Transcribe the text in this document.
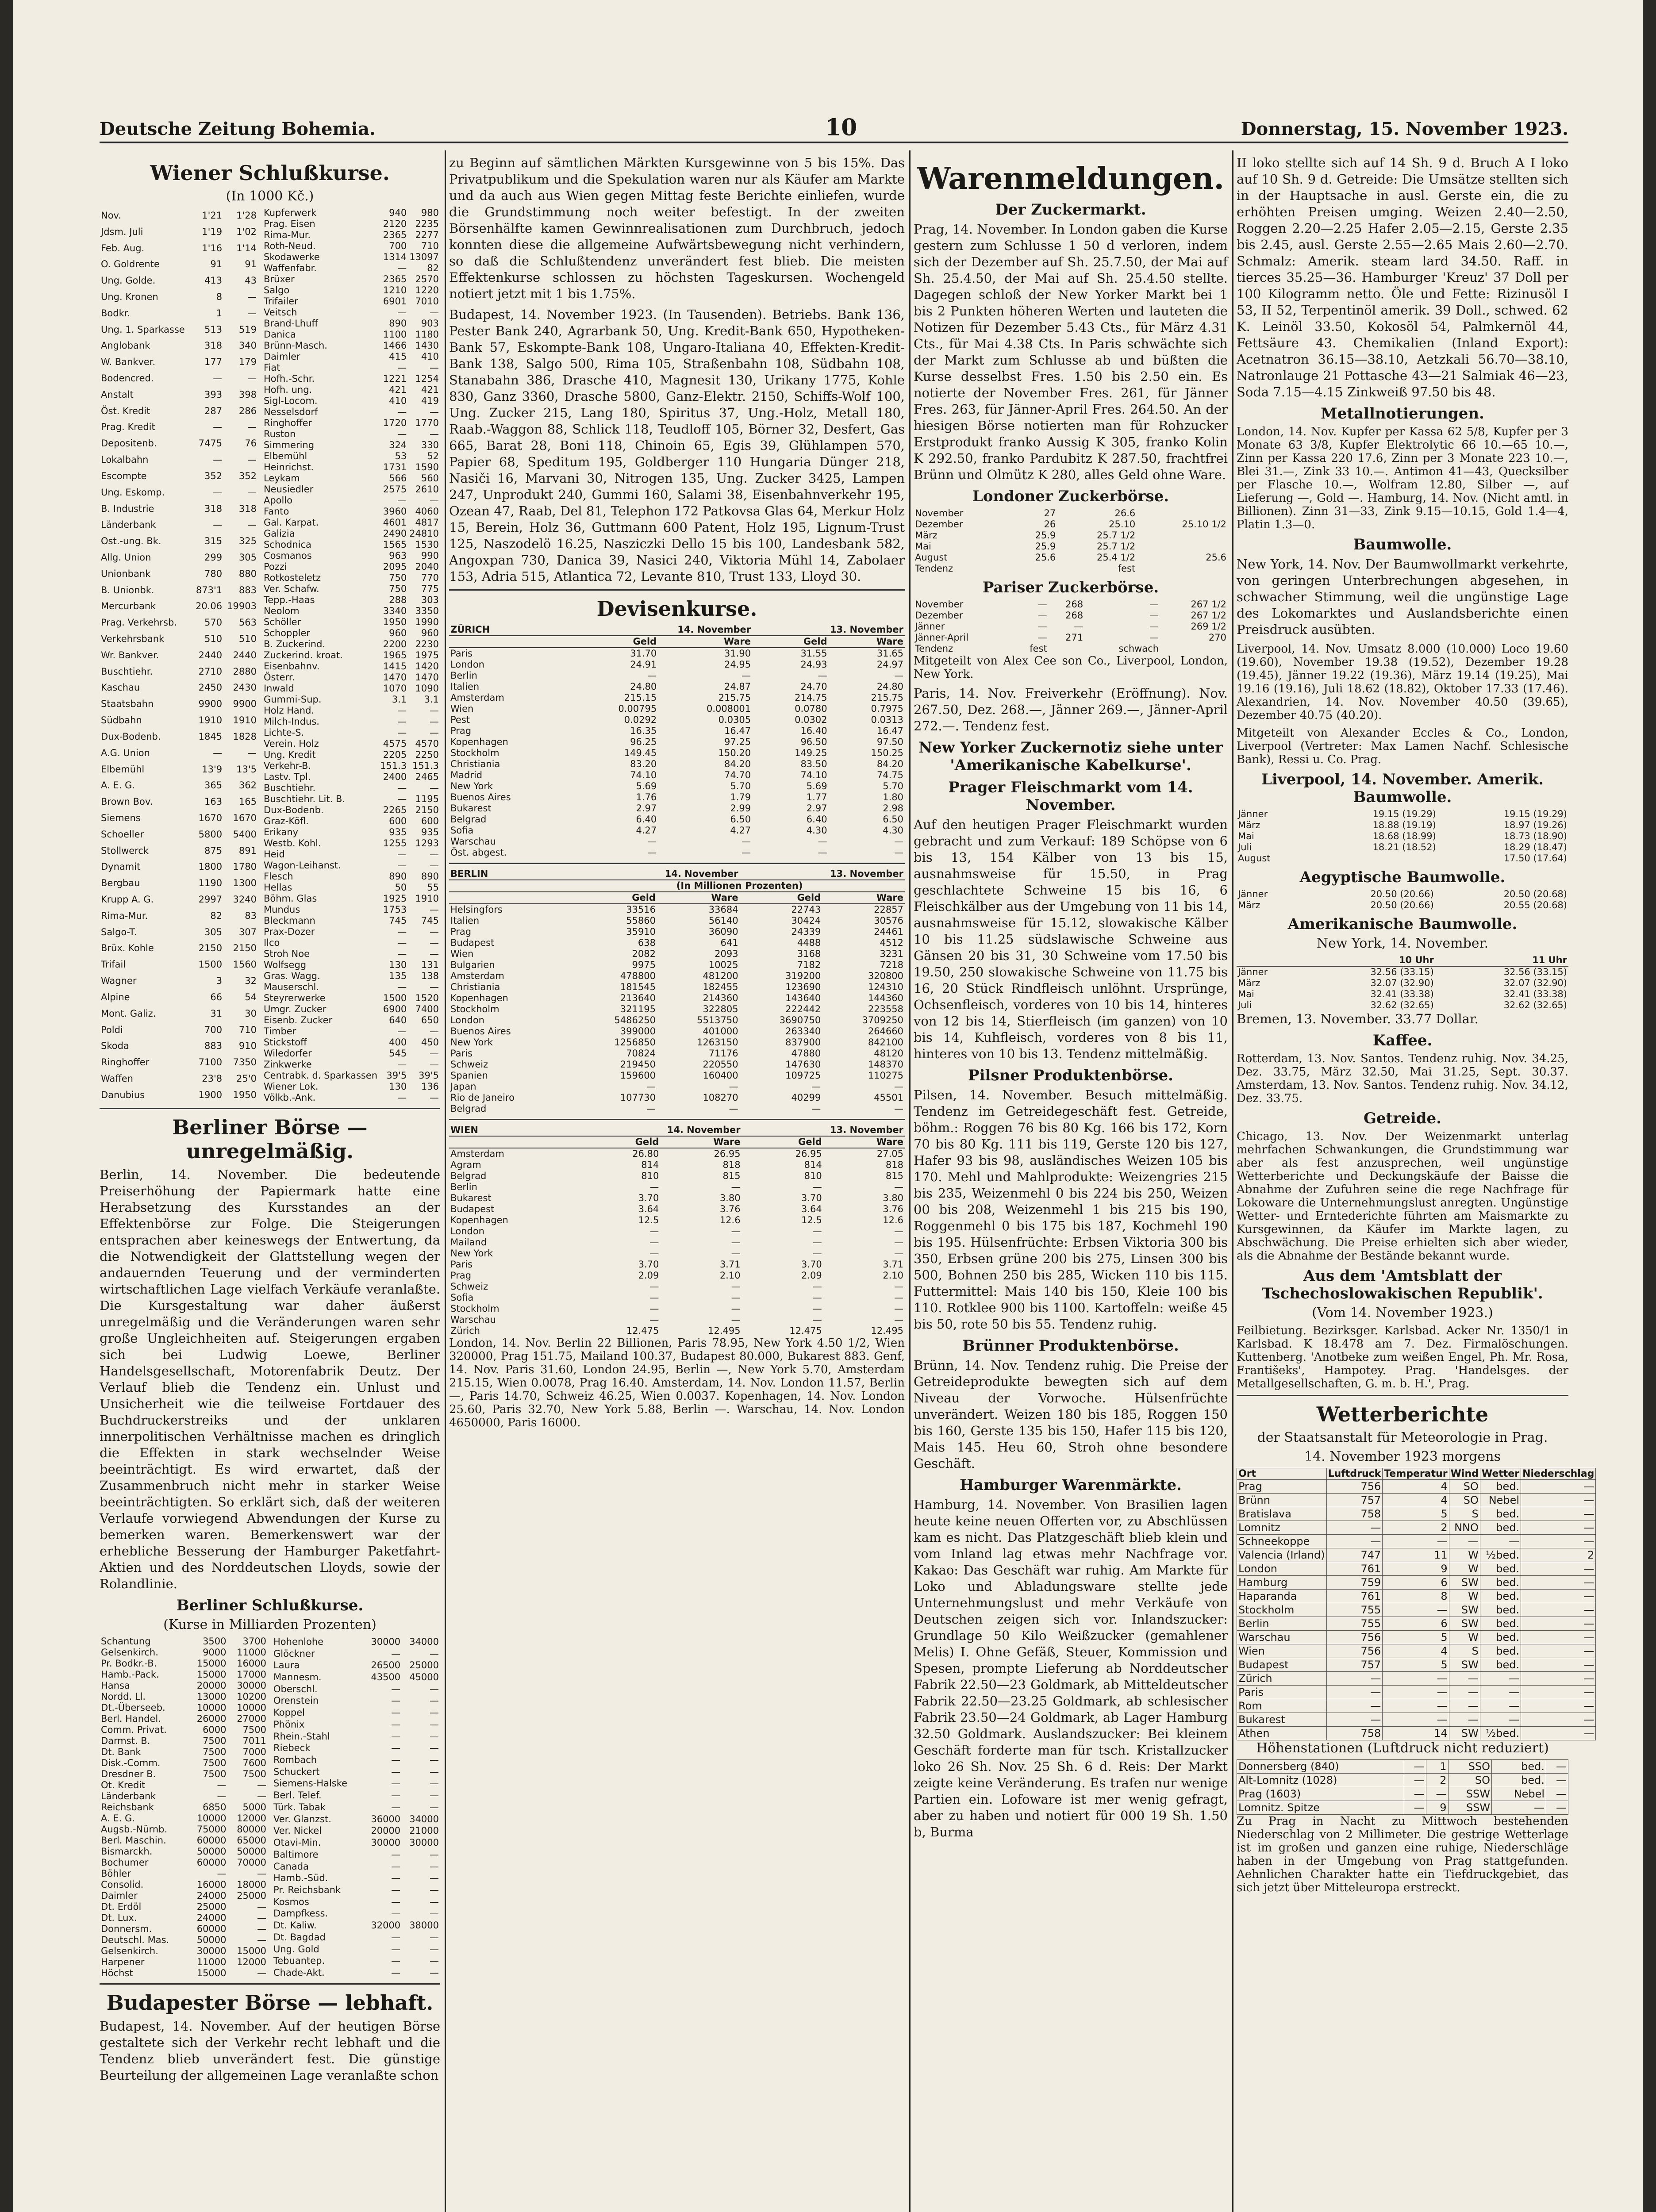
Deutsche Zeitung Bohemia.	10	Donnerstag, 15. November 1923.
Wiener Schlußkurse.
(In 1000 Kč.)
Nov.	1'21	1'28
Jdsm. Juli	1'19	1'02
Feb. Aug.	1'16	1'14
O. Goldrente	91	91
Ung. Golde.	413	43
Ung. Kronen	8	—
Bodkr.	1	—
Ung. 1. Sparkasse	513	519
Anglobank	318	340
W. Bankver.	177	179
Bodencred.	—	—
Anstalt	393	398
Öst. Kredit	287	286
Prag. Kredit	—	—
Depositenb.	7475	76
Lokalbahn	—	—
Escompte	352	352
Ung. Eskomp.	—	—
B. Industrie	318	318
Länderbank	—	—
Ost.-ung. Bk.	315	325
Allg. Union	299	305
Unionbank	780	880
B. Unionbk.	873'1	883
Mercurbank	20.06	19903
Prag. Verkehrsb.	570	563
Verkehrsbank	510	510
Wr. Bankver.	2440	2440
Buschtiehr.	2710	2880
Kaschau	2450	2430
Staatsbahn	9900	9900
Südbahn	1910	1910
Dux-Bodenb.	1845	1828
A.G. Union	—	—
Elbemühl	13'9	13'5
A. E. G.	365	362
Brown Bov.	163	165
Siemens	1670	1670
Schoeller	5800	5400
Stollwerck	875	891
Dynamit	1800	1780
Bergbau	1190	1300
Krupp A. G.	2997	3240
Rima-Mur.	82	83
Salgo-T.	305	307
Brüx. Kohle	2150	2150
Trifail	1500	1560
Wagner	3	32
Alpine	66	54
Mont. Galiz.	31	30
Poldi	700	710
Skoda	883	910
Ringhoffer	7100	7350
Waffen	23'8	25'0
Danubius	1900	1950
Kupferwerk	940	980
Prag. Eisen	2120	2235
Rima-Mur.	2365	2277
Roth-Neud.	700	710
Skodawerke	1314	13097
Waffenfabr.	—	82
Brüxer	2365	2570
Salgo	1210	1220
Trifailer	6901	7010
Veitsch	—	—
Brand-Lhuff	890	903
Danica	1100	1180
Brünn-Masch.	1466	1430
Daimler	415	410
Fiat	—	—
Hofh.-Schr.	1221	1254
Hofh. ung.	421	421
Sigl-Locom.	410	419
Nesselsdorf	—	—
Ringhoffer	1720	1770
Ruston	—	—
Simmering	324	330
Elbemühl	53	52
Heinrichst.	1731	1590
Leykam	566	560
Neusiedler	2575	2610
Apollo	—	—
Fanto	3960	4060
Gal. Karpat.	4601	4817
Galizia	2490	24810
Schodnica	1565	1530
Cosmanos	963	990
Pozzi	2095	2040
Rotkosteletz	750	770
Ver. Schafw.	750	775
Tepp.-Haas	288	303
Neolom	3340	3350
Schöller	1950	1990
Schoppler	960	960
B. Zuckerind.	2200	2230
Zuckerind. kroat.	1965	1975
Eisenbahnv.	1415	1420
Österr.	1470	1470
Inwald	1070	1090
Gummi-Sup.	3.1	3.1
Holz Hand.	—	—
Milch-Indus.	—	—
Lichte-S.	—	—
Verein. Holz	4575	4570
Ung. Kredit	2205	2250
Verkehr-B.	151.3	151.3
Lastv. Tpl.	2400	2465
Buschtiehr.	—	—
Buschtiehr. Lit. B.	—	1195
Dux-Bodenb.	2265	2150
Graz-Köfl.	600	600
Erikany	935	935
Westb. Kohl.	1255	1293
Heid	—	—
Wagon-Leihanst.	—	—
Flesch	890	890
Hellas	50	55
Böhm. Glas	1925	1910
Mundus	1753	—
Bleckmann	745	745
Prax-Dozer	—	—
Ilco	—	—
Stroh Noe	—	—
Wolfsegg	130	131
Gras. Wagg.	135	138
Mauserschl.	—	—
Steyrerwerke	1500	1520
Umgr. Zucker	6900	7400
Eisenb. Zucker	640	650
Timber	—	—
Stickstoff	400	450
Wiledorfer	545	—
Zinkwerke	—	—
Centrabk. d. Sparkassen	39'5	39'5
Wiener Lok.	130	136
Völkb.-Ank.	—	—
Berliner Börse — unregelmäßig.

Berlin, 14. November. Die bedeutende Preiserhöhung der Papiermark hatte eine Herabsetzung des Kursstandes an der Effektenbörse zur Folge. Die Steigerungen entsprachen aber keineswegs der Entwertung, da die Notwendigkeit der Glattstellung wegen der andauernden Teuerung und der verminderten wirtschaftlichen Lage vielfach Verkäufe veranlaßte. Die Kursgestaltung war daher äußerst unregelmäßig und die Veränderungen waren sehr große Ungleichheiten auf. Steigerungen ergaben sich bei Ludwig Loewe, Berliner Handelsgesellschaft, Motorenfabrik Deutz. Der Verlauf blieb die Tendenz ein. Unlust und Unsicherheit wie die teilweise Fortdauer des Buchdruckerstreiks und der unklaren innerpolitischen Verhältnisse machen es dringlich die Effekten in stark wechselnder Weise beeinträchtigt. Es wird erwartet, daß der Zusammenbruch nicht mehr in starker Weise beeinträchtigten. So erklärt sich, daß der weiteren Verlaufe vorwiegend Abwendungen der Kurse zu bemerken waren. Bemerkenswert war der erhebliche Besserung der Hamburger Paketfahrt-Aktien und des Norddeutschen Lloyds, sowie der Rolandlinie.

Berliner Schlußkurse.
(Kurse in Milliarden Prozenten)
Schantung	3500	3700
Gelsenkirch.	9000	11000
Pr. Bodkr.-B.	15000	16000
Hamb.-Pack.	15000	17000
Hansa	20000	30000
Nordd. Ll.	13000	10200
Dt.-Überseeb.	10000	10000
Berl. Handel.	26000	27000
Comm. Privat.	6000	7500
Darmst. B.	7500	7011
Dt. Bank	7500	7000
Disk.-Comm.	7500	7600
Dresdner B.	7500	7500
Ot. Kredit	—	—
Länderbank	—	—
Reichsbank	6850	5000
A. E. G.	10000	12000
Augsb.-Nürnb.	75000	80000
Berl. Maschin.	60000	65000
Bismarckh.	50000	50000
Bochumer	60000	70000
Böhler	—	—
Consolid.	16000	18000
Daimler	24000	25000
Dt. Erdöl	25000	—
Dt. Lux.	24000	—
Donnersm.	60000	—
Deutschl. Mas.	50000	—
Gelsenkirch.	30000	15000
Harpener	11000	12000
Höchst	15000	—
Hohenlohe	30000	34000
Glöckner	—	—
Laura	26500	25000
Mannesm.	43500	45000
Oberschl.	—	—
Orenstein	—	—
Koppel	—	—
Phönix	—	—
Rhein.-Stahl	—	—
Riebeck	—	—
Rombach	—	—
Schuckert	—	—
Siemens-Halske	—	—
Berl. Telef.	—	—
Türk. Tabak	—	—
Ver. Glanzst.	36000	34000
Ver. Nickel	20000	21000
Otavi-Min.	30000	30000
Baltimore	—	—
Canada	—	—
Hamb.-Süd.	—	—
Pr. Reichsbank	—	—
Kosmos	—	—
Dampfkess.	—	—
Dt. Kaliw.	32000	38000
Dt. Bagdad	—	—
Ung. Gold	—	—
Tebuantep.	—	—
Chade-Akt.	—	—
Budapester Börse — lebhaft.

Budapest, 14. November. Auf der heutigen Börse gestaltete sich der Verkehr recht lebhaft und die Tendenz blieb unverändert fest. Die günstige Beurteilung der allgemeinen Lage veranlaßte schon

zu Beginn auf sämtlichen Märkten Kursgewinne von 5 bis 15%. Das Privatpublikum und die Spekulation waren nur als Käufer am Markte und da auch aus Wien gegen Mittag feste Berichte einliefen, wurde die Grundstimmung noch weiter befestigt. In der zweiten Börsenhälfte kamen Gewinnrealisationen zum Durchbruch, jedoch konnten diese die allgemeine Aufwärtsbewegung nicht verhindern, so daß die Schlußtendenz unverändert fest blieb. Die meisten Effektenkurse schlossen zu höchsten Tageskursen. Wochengeld notiert jetzt mit 1 bis 1.75%.

Budapest, 14. November 1923. (In Tausenden). Betriebs. Bank 136, Pester Bank 240, Agrarbank 50, Ung. Kredit-Bank 650, Hypotheken-Bank 57, Eskompte-Bank 108, Ungaro-Italiana 40, Effekten-Kredit-Bank 138, Salgo 500, Rima 105, Straßenbahn 108, Südbahn 108, Stanabahn 386, Drasche 410, Magnesit 130, Urikany 1775, Kohle 830, Ganz 3360, Drasche 5800, Ganz-Elektr. 2150, Schiffs-Wolf 100, Ung. Zucker 215, Lang 180, Spiritus 37, Ung.-Holz, Metall 180, Raab.-Waggon 88, Schlick 118, Teudloff 105, Börner 32, Desfert, Gas 665, Barat 28, Boni 118, Chinoin 65, Egis 39, Glühlampen 570, Papier 68, Speditum 195, Goldberger 110 Hungaria Dünger 218, Nasiči 16, Marvani 30, Nitrogen 135, Ung. Zucker 3425, Lampen 247, Unprodukt 240, Gummi 160, Salami 38, Eisenbahnverkehr 195, Ozean 47, Raab, Del 81, Telephon 172 Patkovsa Glas 64, Merkur Holz 15, Berein, Holz 36, Guttmann 600 Patent, Holz 195, Lignum-Trust 125, Naszodelö 16.25, Nasziczki Dello 15 bis 100, Landesbank 582, Angoxpan 730, Danica 39, Nasici 240, Viktoria Mühl 14, Zabolaer 153, Adria 515, Atlantica 72, Levante 810, Trust 133, Lloyd 30.

Devisenkurse.
ZÜRICH	14. November		13. November	
	Geld	Ware	Geld	Ware
Paris	31.70	31.90	31.55	31.65
London	24.91	24.95	24.93	24.97
Berlin	—	—	—	—
Italien	24.80	24.87	24.70	24.80
Amsterdam	215.15	215.75	214.75	215.75
Wien	0.00795	0.008001	0.0780	0.7975
Pest	0.0292	0.0305	0.0302	0.0313
Prag	16.35	16.47	16.40	16.47
Kopenhagen	96.25	97.25	96.50	97.50
Stockholm	149.45	150.20	149.25	150.25
Christiania	83.20	84.20	83.50	84.20
Madrid	74.10	74.70	74.10	74.75
New York	5.69	5.70	5.69	5.70
Buenos Aires	1.76	1.79	1.77	1.80
Bukarest	2.97	2.99	2.97	2.98
Belgrad	6.40	6.50	6.40	6.50
Sofia	4.27	4.27	4.30	4.30
Warschau	—	—	—	—
Öst. abgest.	—	—	—	—
BERLIN	14. November		13. November	
	(In Millionen Prozenten)			
	Geld	Ware	Geld	Ware
Helsingfors	33516	33684	22743	22857
Italien	55860	56140	30424	30576
Prag	35910	36090	24339	24461
Budapest	638	641	4488	4512
Wien	2082	2093	3168	3231
Bulgarien	9975	10025	7182	7218
Amsterdam	478800	481200	319200	320800
Christiania	181545	182455	123690	124310
Kopenhagen	213640	214360	143640	144360
Stockholm	321195	322805	222442	223558
London	5486250	5513750	3690750	3709250
Buenos Aires	399000	401000	263340	264660
New York	1256850	1263150	837900	842100
Paris	70824	71176	47880	48120
Schweiz	219450	220550	147630	148370
Spanien	159600	160400	109725	110275
Japan	—	—	—	—
Rio de Janeiro	107730	108270	40299	45501
Belgrad	—	—	—	—
WIEN	14. November		13. November	
	Geld	Ware	Geld	Ware
Amsterdam	26.80	26.95	26.95	27.05
Agram	814	818	814	818
Belgrad	810	815	810	815
Berlin	—	—	—	—
Bukarest	3.70	3.80	3.70	3.80
Budapest	3.64	3.76	3.64	3.76
Kopenhagen	12.5	12.6	12.5	12.6
London	—	—	—	—
Mailand	—	—	—	—
New York	—	—	—	—
Paris	3.70	3.71	3.70	3.71
Prag	2.09	2.10	2.09	2.10
Schweiz	—	—	—	—
Sofia	—	—	—	—
Stockholm	—	—	—	—
Warschau	—	—	—	—
Zürich	12.475	12.495	12.475	12.495

London, 14. Nov. Berlin 22 Billionen, Paris 78.95, New York 4.50 1/2, Wien 320000, Prag 151.75, Mailand 100.37, Budapest 80.000, Bukarest 883. Genf, 14. Nov. Paris 31.60, London 24.95, Berlin —, New York 5.70, Amsterdam 215.15, Wien 0.0078, Prag 16.40. Amsterdam, 14. Nov. London 11.57, Berlin —, Paris 14.70, Schweiz 46.25, Wien 0.0037. Kopenhagen, 14. Nov. London 25.60, Paris 32.70, New York 5.88, Berlin —. Warschau, 14. Nov. London 4650000, Paris 16000.

Warenmeldungen.
Der Zuckermarkt.

Prag, 14. November. In London gaben die Kurse gestern zum Schlusse 1 50 d verloren, indem sich der Dezember auf Sh. 25.7.50, der Mai auf Sh. 25.4.50, der Mai auf Sh. 25.4.50 stellte. Dagegen schloß der New Yorker Markt bei 1 bis 2 Punkten höheren Werten und lauteten die Notizen für Dezember 5.43 Cts., für März 4.31 Cts., für Mai 4.38 Cts. In Paris schwächte sich der Markt zum Schlusse ab und büßten die Kurse desselbst Fres. 1.50 bis 2.50 ein. Es notierte der November Fres. 261, für Jänner Fres. 263, für Jänner-April Fres. 264.50. An der hiesigen Börse notierten man für Rohzucker Erstprodukt franko Aussig K 305, franko Kolin K 292.50, franko Pardubitz K 287.50, frachtfrei Brünn und Olmütz K 280, alles Geld ohne Ware.

Londoner Zuckerbörse.
November	27	26.6	
Dezember	26	25.10	25.10 1/2
März	25.9	25.7 1/2	
Mai	25.9	25.7 1/2	
August	25.6	25.4 1/2	25.6
Tendenz		fest	
Pariser Zuckerbörse.
November	—	268	—	267 1/2
Dezember	—	268	—	267 1/2
Jänner	—	—	—	269 1/2
Jänner-April	—	271	—	270
Tendenz	fest		schwach	

Mitgeteilt von Alex Cee son Co., Liverpool, London, New York.

Paris, 14. Nov. Freiverkehr (Eröffnung). Nov. 267.50, Dez. 268.—, Jänner 269.—, Jänner-April 272.—. Tendenz fest.

New Yorker Zuckernotiz siehe unter 'Amerikanische Kabelkurse'.
Prager Fleischmarkt vom 14. November.

Auf den heutigen Prager Fleischmarkt wurden gebracht und zum Verkauf: 189 Schöpse von 6 bis 13, 154 Kälber von 13 bis 15, ausnahmsweise für 15.50, in Prag geschlachtete Schweine 15 bis 16, 6 Fleischkälber aus der Umgebung von 11 bis 14, ausnahmsweise für 15.12, slowakische Kälber 10 bis 11.25 südslawische Schweine aus Gänsen 20 bis 31, 30 Schweine vom 17.50 bis 19.50, 250 slowakische Schweine von 11.75 bis 16, 20 Stück Rindfleisch unlöhnt. Ursprünge, Ochsenfleisch, vorderes von 10 bis 14, hinteres von 12 bis 14, Stierfleisch (im ganzen) von 10 bis 14, Kuhfleisch, vorderes von 8 bis 11, hinteres von 10 bis 13. Tendenz mittelmäßig.

Pilsner Produktenbörse.

Pilsen, 14. November. Besuch mittelmäßig. Tendenz im Getreidegeschäft fest. Getreide, böhm.: Roggen 76 bis 80 Kg. 166 bis 172, Korn 70 bis 80 Kg. 111 bis 119, Gerste 120 bis 127, Hafer 93 bis 98, ausländisches Weizen 105 bis 170. Mehl und Mahlprodukte: Weizengries 215 bis 235, Weizenmehl 0 bis 224 bis 250, Weizen 00 bis 208, Weizenmehl 1 bis 215 bis 190, Roggenmehl 0 bis 175 bis 187, Kochmehl 190 bis 195. Hülsenfrüchte: Erbsen Viktoria 300 bis 350, Erbsen grüne 200 bis 275, Linsen 300 bis 500, Bohnen 250 bis 285, Wicken 110 bis 115. Futtermittel: Mais 140 bis 150, Kleie 100 bis 110. Rotklee 900 bis 1100. Kartoffeln: weiße 45 bis 50, rote 50 bis 55. Tendenz ruhig.

Brünner Produktenbörse.

Brünn, 14. Nov. Tendenz ruhig. Die Preise der Getreideprodukte bewegten sich auf dem Niveau der Vorwoche. Hülsenfrüchte unverändert. Weizen 180 bis 185, Roggen 150 bis 160, Gerste 135 bis 150, Hafer 115 bis 120, Mais 145. Heu 60, Stroh ohne besondere Geschäft.

Hamburger Warenmärkte.

Hamburg, 14. November. Von Brasilien lagen heute keine neuen Offerten vor, zu Abschlüssen kam es nicht. Das Platzgeschäft blieb klein und vom Inland lag etwas mehr Nachfrage vor. Kakao: Das Geschäft war ruhig. Am Markte für Loko und Abladungsware stellte jede Unternehmungslust und mehr Verkäufe von Deutschen zeigen sich vor. Inlandszucker: Grundlage 50 Kilo Weißzucker (gemahlener Melis) I. Ohne Gefäß, Steuer, Kommission und Spesen, prompte Lieferung ab Norddeutscher Fabrik 22.50—23 Goldmark, ab Mitteldeutscher Fabrik 22.50—23.25 Goldmark, ab schlesischer Fabrik 23.50—24 Goldmark, ab Lager Hamburg 32.50 Goldmark. Auslandszucker: Bei kleinem Geschäft forderte man für tsch. Kristallzucker loko 26 Sh. Nov. 25 Sh. 6 d. Reis: Der Markt zeigte keine Veränderung. Es trafen nur wenige Partien ein. Lofoware ist mer wenig gefragt, aber zu haben und notiert für 000 19 Sh. 1.50 b, Burma

II loko stellte sich auf 14 Sh. 9 d. Bruch A I loko auf 10 Sh. 9 d. Getreide: Die Umsätze stellten sich in der Hauptsache in ausl. Gerste ein, die zu erhöhten Preisen umging. Weizen 2.40—2.50, Roggen 2.20—2.25 Hafer 2.05—2.15, Gerste 2.35 bis 2.45, ausl. Gerste 2.55—2.65 Mais 2.60—2.70. Schmalz: Amerik. steam lard 34.50. Raff. in tierces 35.25—36. Hamburger 'Kreuz' 37 Doll per 100 Kilogramm netto. Öle und Fette: Rizinusöl I 53, II 52, Terpentinöl amerik. 39 Doll., schwed. 62 K. Leinöl 33.50, Kokosöl 54, Palmkernöl 44, Fettsäure 43. Chemikalien (Inland Export): Acetnatron 36.15—38.10, Aetzkali 56.70—38.10, Natronlauge 21 Pottasche 43—21 Salmiak 46—23, Soda 7.15—4.15 Zinkweiß 97.50 bis 48.

Metallnotierungen.

London, 14. Nov. Kupfer per Kassa 62 5/8, Kupfer per 3 Monate 63 3/8, Kupfer Elektrolytic 66 10.—65 10.—, Zinn per Kassa 220 17.6, Zinn per 3 Monate 223 10.—, Blei 31.—, Zink 33 10.—. Antimon 41—43, Quecksilber per Flasche 10.—, Wolfram 12.80, Silber —, auf Lieferung —, Gold —. Hamburg, 14. Nov. (Nicht amtl. in Billionen). Zinn 31—33, Zink 9.15—10.15, Gold 1.4—4, Platin 1.3—0.

Baumwolle.

New York, 14. Nov. Der Baumwollmarkt verkehrte, von geringen Unterbrechungen abgesehen, in schwacher Stimmung, weil die ungünstige Lage des Lokomarktes und Auslandsberichte einen Preisdruck ausübten.

Liverpool, 14. Nov. Umsatz 8.000 (10.000) Loco 19.60 (19.60), November 19.38 (19.52), Dezember 19.28 (19.45), Jänner 19.22 (19.36), März 19.14 (19.25), Mai 19.16 (19.16), Juli 18.62 (18.82), Oktober 17.33 (17.46). Alexandrien, 14. Nov. November 40.50 (39.65), Dezember 40.75 (40.20).

Mitgeteilt von Alexander Eccles & Co., London, Liverpool (Vertreter: Max Lamen Nachf. Schlesische Bank), Ressi u. Co. Prag.

Liverpool, 14. November. Amerik. Baumwolle.
Jänner	19.15 (19.29)	19.15 (19.29)
März	18.88 (19.19)	18.97 (19.26)
Mai	18.68 (18.99)	18.73 (18.90)
Juli	18.21 (18.52)	18.29 (18.47)
August		17.50 (17.64)
Aegyptische Baumwolle.
Jänner	20.50 (20.66)	20.50 (20.68)
März	20.50 (20.66)	20.55 (20.68)
Amerikanische Baumwolle.
New York, 14. November.
	10 Uhr	11 Uhr
Jänner	32.56 (33.15)	32.56 (33.15)
März	32.07 (32.90)	32.07 (32.90)
Mai	32.41 (33.38)	32.41 (33.38)
Juli	32.62 (32.65)	32.62 (32.65)

Bremen, 13. November. 33.77 Dollar.

Kaffee.

Rotterdam, 13. Nov. Santos. Tendenz ruhig. Nov. 34.25, Dez. 33.75, März 32.50, Mai 31.25, Sept. 30.37. Amsterdam, 13. Nov. Santos. Tendenz ruhig. Nov. 34.12, Dez. 33.75.

Getreide.

Chicago, 13. Nov. Der Weizenmarkt unterlag mehrfachen Schwankungen, die Grundstimmung war aber als fest anzusprechen, weil ungünstige Wetterberichte und Deckungskäufe der Baisse die Abnahme der Zufuhren seine die rege Nachfrage für Lokoware die Unternehmungslust anregten. Ungünstige Wetter- und Erntederichte führten am Maismarkte zu Kursgewinnen, da Käufer im Markte lagen, zu Abschwächung. Die Preise erhielten sich aber wieder, als die Abnahme der Bestände bekannt wurde.

Aus dem 'Amtsblatt der Tschechoslowakischen Republik'.
(Vom 14. November 1923.)

Feilbietung. Bezirksger. Karlsbad. Acker Nr. 1350/1 in Karlsbad. K 18.478 am 7. Dez. Firmalöschungen. Kuttenberg. 'Anotbeke zum weißen Engel, Ph. Mr. Rosa, Františeks', Hampotey. Prag. 'Handelsges. der Metallgesellschaften, G. m. b. H.', Prag.

Wetterberichte
der Staatsanstalt für Meteorologie in Prag.
14. November 1923 morgens
Ort	Luftdruck	Temperatur	Wind	Wetter	Niederschlag
Prag	756	4	SO	bed.	—
Brünn	757	4	SO	Nebel	—
Bratislava	758	5	S	bed.	—
Lomnitz	—	2	NNO	bed.	—
Schneekoppe	—	—	—	—	—
Valencia (Irland)	747	11	W	½bed.	2
London	761	9	W	bed.	—
Hamburg	759	6	SW	bed.	—
Haparanda	761	8	W	bed.	—
Stockholm	755	—	SW	bed.	—
Berlin	755	6	SW	bed.	—
Warschau	756	5	W	bed.	—
Wien	756	4	S	bed.	—
Budapest	757	5	SW	bed.	—
Zürich	—	—	—	—	—
Paris	—	—	—	—	—
Rom	—	—	—	—	—
Bukarest	—	—	—	—	—
Athen	758	14	SW	½bed.	—
Höhenstationen (Luftdruck nicht reduziert)
Donnersberg (840)	—	1	SSO	bed.	—
Alt-Lomnitz (1028)	—	2	SO	bed.	—
Prag (1603)	—	—	SSW	Nebel	—
Lomnitz. Spitze	—	9	SSW	—	—

Zu Prag in Nacht zu Mittwoch bestehenden Niederschlag von 2 Millimeter. Die gestrige Wetterlage ist im großen und ganzen eine ruhige, Niederschläge haben in der Umgebung von Prag stattgefunden. Aehnlichen Charakter hatte ein Tiefdruckgebiet, das sich jetzt über Mitteleuropa erstreckt.
